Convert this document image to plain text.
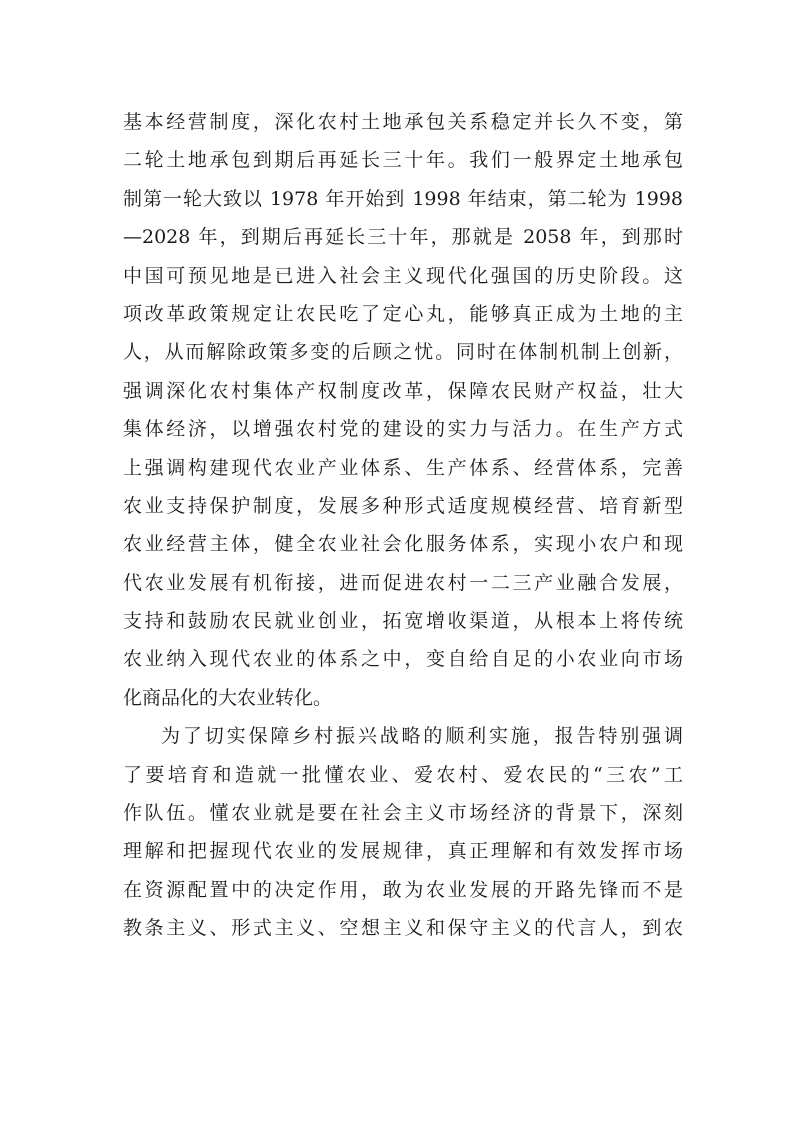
基本经营制度，深化农村土地承包关系稳定并长久不变，第
二轮土地承包到期后再延长三十年。我们一般界定土地承包
制第一轮大致以 1978 年开始到 1998 年结束，第二轮为 1998
—2028 年，到期后再延长三十年，那就是 2058 年，到那时
中国可预见地是已进入社会主义现代化强国的历史阶段。这
项改革政策规定让农民吃了定心丸，能够真正成为土地的主
人，从而解除政策多变的后顾之忧。同时在体制机制上创新，
强调深化农村集体产权制度改革，保障农民财产权益，壮大
集体经济，以增强农村党的建设的实力与活力。在生产方式
上强调构建现代农业产业体系、生产体系、经营体系，完善
农业支持保护制度，发展多种形式适度规模经营、培育新型
农业经营主体，健全农业社会化服务体系，实现小农户和现
代农业发展有机衔接，进而促进农村一二三产业融合发展，
支持和鼓励农民就业创业，拓宽增收渠道，从根本上将传统
农业纳入现代农业的体系之中，变自给自足的小农业向市场
化商品化的大农业转化。
为了切实保障乡村振兴战略的顺利实施，报告特别强调
了要培育和造就一批懂农业、爱农村、爱农民的“三农”工
作队伍。懂农业就是要在社会主义市场经济的背景下，深刻
理解和把握现代农业的发展规律，真正理解和有效发挥市场
在资源配置中的决定作用，敢为农业发展的开路先锋而不是
教条主义、形式主义、空想主义和保守主义的代言人，到农
